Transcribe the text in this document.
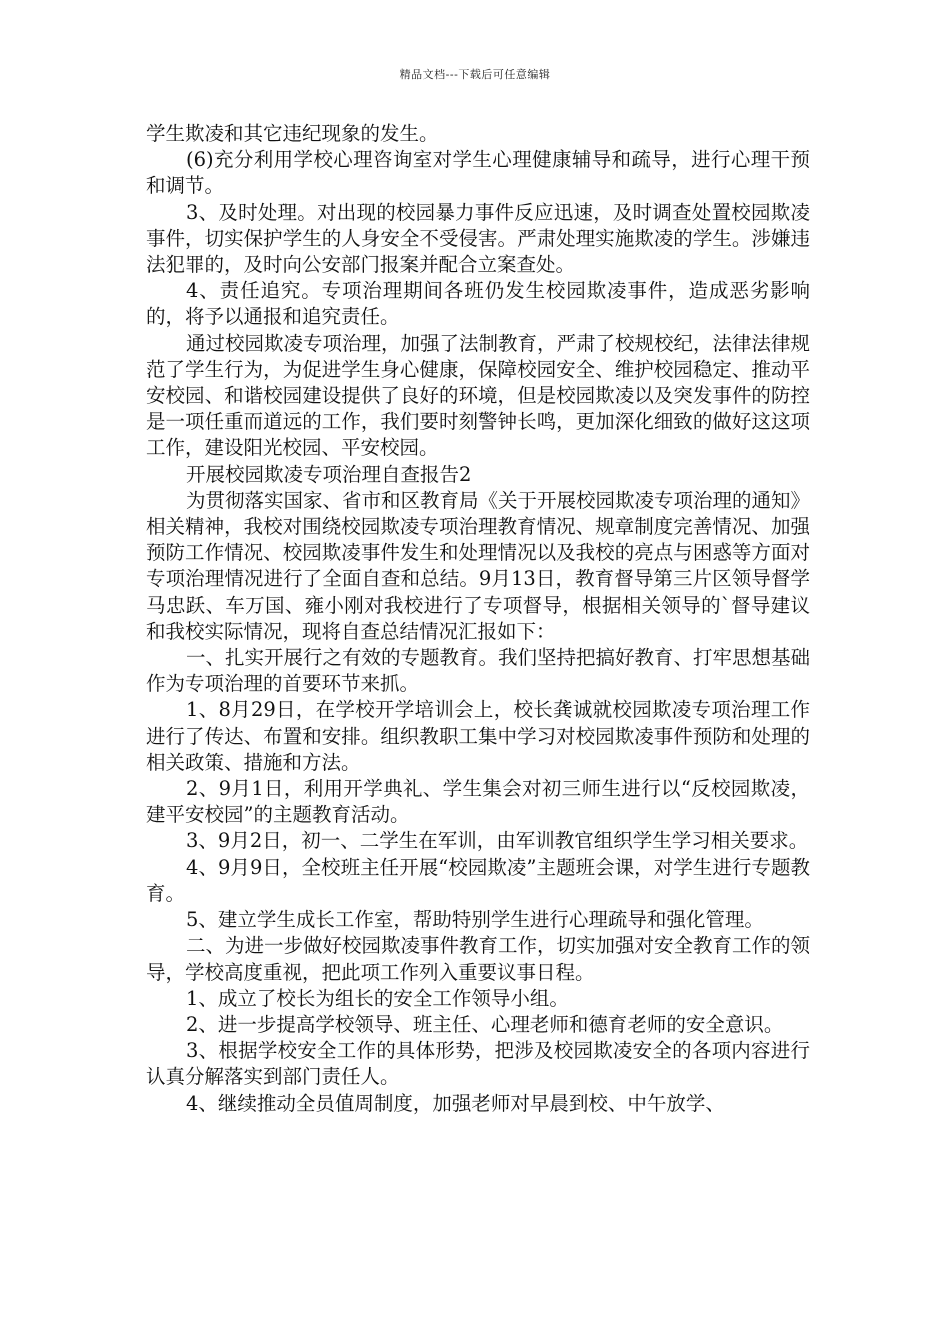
精品文档---下载后可任意编辑

学生欺凌和其它违纪现象的发生。

(6)充分利用学校心理咨询室对学生心理健康辅导和疏导，进行心理干预和调节。

3、及时处理。对出现的校园暴力事件反应迅速，及时调查处置校园欺凌事件，切实保护学生的人身安全不受侵害。严肃处理实施欺凌的学生。涉嫌违法犯罪的，及时向公安部门报案并配合立案查处。

4、责任追究。专项治理期间各班仍发生校园欺凌事件，造成恶劣影响的，将予以通报和追究责任。

通过校园欺凌专项治理，加强了法制教育，严肃了校规校纪，法律法律规范了学生行为，为促进学生身心健康，保障校园安全、维护校园稳定、推动平安校园、和谐校园建设提供了良好的环境，但是校园欺凌以及突发事件的防控是一项任重而道远的工作，我们要时刻警钟长鸣，更加深化细致的做好这这项工作，建设阳光校园、平安校园。

开展校园欺凌专项治理自查报告2

为贯彻落实国家、省市和区教育局《关于开展校园欺凌专项治理的通知》相关精神，我校对围绕校园欺凌专项治理教育情况、规章制度完善情况、加强预防工作情况、校园欺凌事件发生和处理情况以及我校的亮点与困惑等方面对专项治理情况进行了全面自查和总结。9月13日，教育督导第三片区领导督学马忠跃、车万国、雍小刚对我校进行了专项督导，根据相关领导的`督导建议和我校实际情况，现将自查总结情况汇报如下：

一、扎实开展行之有效的专题教育。我们坚持把搞好教育、打牢思想基础作为专项治理的首要环节来抓。

1、8月29日，在学校开学培训会上，校长龚诚就校园欺凌专项治理工作进行了传达、布置和安排。组织教职工集中学习对校园欺凌事件预防和处理的相关政策、措施和方法。

2、9月1日，利用开学典礼、学生集会对初三师生进行以“反校园欺凌，建平安校园”的主题教育活动。

3、9月2日，初一、二学生在军训，由军训教官组织学生学习相关要求。

4、9月9日，全校班主任开展“校园欺凌”主题班会课，对学生进行专题教育。

5、建立学生成长工作室，帮助特别学生进行心理疏导和强化管理。

二、为进一步做好校园欺凌事件教育工作，切实加强对安全教育工作的领导，学校高度重视，把此项工作列入重要议事日程。

1、成立了校长为组长的安全工作领导小组。

2、进一步提高学校领导、班主任、心理老师和德育老师的安全意识。

3、根据学校安全工作的具体形势，把涉及校园欺凌安全的各项内容进行认真分解落实到部门责任人。

4、继续推动全员值周制度，加强老师对早晨到校、中午放学、
